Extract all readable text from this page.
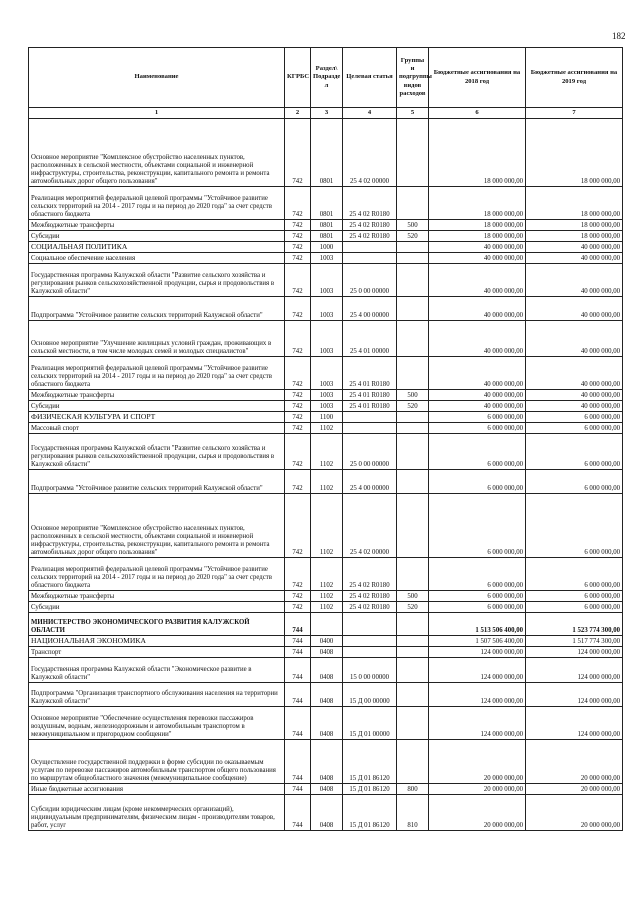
182
Наименование	КГРБС	Раздел\ Подразде л	Целевая статья	Группы и подгруппы видов расходов	Бюджетные ассигнования на 2018 год	Бюджетные ассигнования на 2019 год
1	2	3	4	5	6	7
Основное мероприятие "Комплексное обустройство населенных пунктов, расположенных в сельской местности, объектами социальной и инженерной инфраструктуры, строительства, реконструкции, капитального ремонта и ремонта автомобильных дорог общего пользования"	742	0801	25 4 02 00000		18 000 000,00	18 000 000,00
Реализация мероприятий федеральной целевой программы "Устойчивое развитие сельских территорий на 2014 - 2017 годы и на период до 2020 года" за счет средств областного бюджета	742	0801	25 4 02 R0180		18 000 000,00	18 000 000,00
Межбюджетные трансферты	742	0801	25 4 02 R0180	500	18 000 000,00	18 000 000,00
Субсидии	742	0801	25 4 02 R0180	520	18 000 000,00	18 000 000,00
СОЦИАЛЬНАЯ ПОЛИТИКА	742	1000			40 000 000,00	40 000 000,00
Социальное обеспечение населения	742	1003			40 000 000,00	40 000 000,00
Государственная программа Калужской области "Развитие сельского хозяйства и регулирования рынков сельскохозяйственной продукции, сырья и продовольствия в Калужской области"	742	1003	25 0 00 00000		40 000 000,00	40 000 000,00
Подпрограмма "Устойчивое развитие сельских территорий Калужской области"	742	1003	25 4 00 00000		40 000 000,00	40 000 000,00
Основное мероприятие "Улучшение жилищных условий граждан, проживающих в сельской местности, в том числе молодых семей и молодых специалистов"	742	1003	25 4 01 00000		40 000 000,00	40 000 000,00
Реализация мероприятий федеральной целевой программы "Устойчивое развитие сельских территорий на 2014 - 2017 годы и на период до 2020 года" за счет средств областного бюджета	742	1003	25 4 01 R0180		40 000 000,00	40 000 000,00
Межбюджетные трансферты	742	1003	25 4 01 R0180	500	40 000 000,00	40 000 000,00
Субсидии	742	1003	25 4 01 R0180	520	40 000 000,00	40 000 000,00
ФИЗИЧЕСКАЯ КУЛЬТУРА И СПОРТ	742	1100			6 000 000,00	6 000 000,00
Массовый спорт	742	1102			6 000 000,00	6 000 000,00
Государственная программа Калужской области "Развитие сельского хозяйства и регулирования рынков сельскохозяйственной продукции, сырья и продовольствия в Калужской области"	742	1102	25 0 00 00000		6 000 000,00	6 000 000,00
Подпрограмма "Устойчивое развитие сельских территорий Калужской области"	742	1102	25 4 00 00000		6 000 000,00	6 000 000,00
Основное мероприятие "Комплексное обустройство населенных пунктов, расположенных в сельской местности, объектами социальной и инженерной инфраструктуры, строительства, реконструкции, капитального ремонта и ремонта автомобильных дорог общего пользования"	742	1102	25 4 02 00000		6 000 000,00	6 000 000,00
Реализация мероприятий федеральной целевой программы "Устойчивое развитие сельских территорий на 2014 - 2017 годы и на период до 2020 года" за счет средств областного бюджета	742	1102	25 4 02 R0180		6 000 000,00	6 000 000,00
Межбюджетные трансферты	742	1102	25 4 02 R0180	500	6 000 000,00	6 000 000,00
Субсидии	742	1102	25 4 02 R0180	520	6 000 000,00	6 000 000,00
МИНИСТЕРСТВО ЭКОНОМИЧЕСКОГО РАЗВИТИЯ КАЛУЖСКОЙ ОБЛАСТИ	744				1 513 506 400,00	1 523 774 300,00
НАЦИОНАЛЬНАЯ ЭКОНОМИКА	744	0400			1 507 506 400,00	1 517 774 300,00
Транспорт	744	0408			124 000 000,00	124 000 000,00
Государственная программа Калужской области "Экономическое развитие в Калужской области"	744	0408	15 0 00 00000		124 000 000,00	124 000 000,00
Подпрограмма "Организация транспортного обслуживания населения на территории Калужской области"	744	0408	15 Д 00 00000		124 000 000,00	124 000 000,00
Основное мероприятие "Обеспечение осуществления перевозки пассажиров воздушным, водным, железнодорожным и автомобильным транспортом в межмуниципальном и пригородном сообщении"	744	0408	15 Д 01 00000		124 000 000,00	124 000 000,00
Осуществление государственной поддержки в форме субсидии по оказываемым услугам по перевозке пассажиров автомобильным транспортом общего пользования по маршрутам общеобластного значения (межмуниципальное сообщение)	744	0408	15 Д 01 86120		20 000 000,00	20 000 000,00
Иные бюджетные ассигнования	744	0408	15 Д 01 86120	800	20 000 000,00	20 000 000,00
Субсидии юридическим лицам (кроме некоммерческих организаций), индивидуальным предпринимателям, физическим лицам - производителям товаров, работ, услуг	744	0408	15 Д 01 86120	810	20 000 000,00	20 000 000,00
